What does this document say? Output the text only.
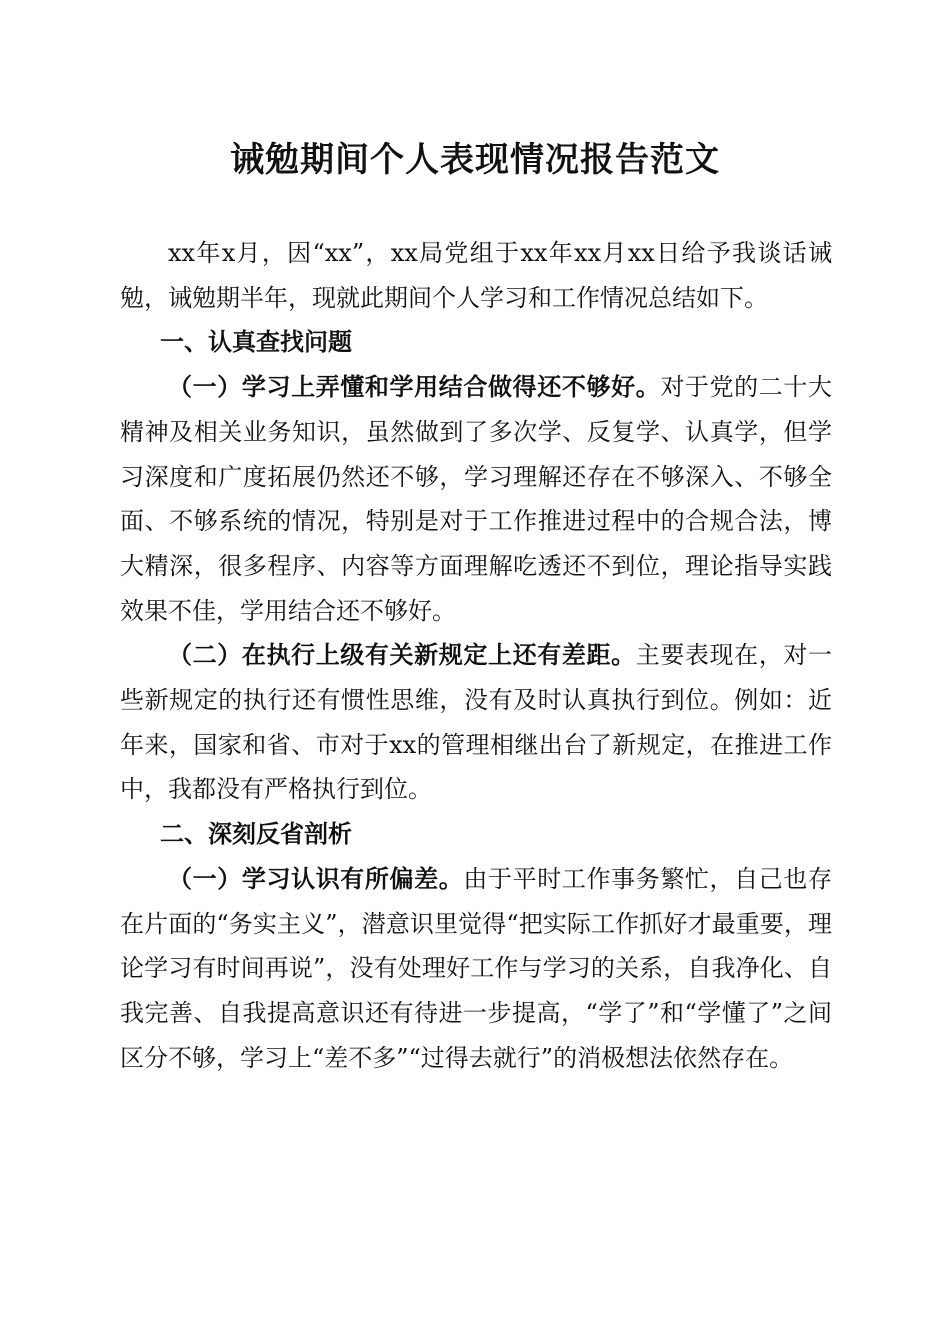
诫勉期间个人表现情况报告范文

xx年x月，因“xx”，xx局党组于xx年xx月xx日给予我谈话诫勉，诫勉期半年，现就此期间个人学习和工作情况总结如下。

一、认真查找问题

（一）学习上弄懂和学用结合做得还不够好。对于党的二十大精神及相关业务知识，虽然做到了多次学、反复学、认真学，但学习深度和广度拓展仍然还不够，学习理解还存在不够深入、不够全面、不够系统的情况，特别是对于工作推进过程中的合规合法，博大精深，很多程序、内容等方面理解吃透还不到位，理论指导实践效果不佳，学用结合还不够好。

（二）在执行上级有关新规定上还有差距。主要表现在，对一些新规定的执行还有惯性思维，没有及时认真执行到位。例如：近年来，国家和省、市对于xx的管理相继出台了新规定，在推进工作中，我都没有严格执行到位。

二、深刻反省剖析

（一）学习认识有所偏差。由于平时工作事务繁忙，自己也存在片面的“务实主义”，潜意识里觉得“把实际工作抓好才最重要，理论学习有时间再说”，没有处理好工作与学习的关系，自我净化、自我完善、自我提高意识还有待进一步提高，“学了”和“学懂了”之间区分不够，学习上“差不多”“过得去就行”的消极想法依然存在。
